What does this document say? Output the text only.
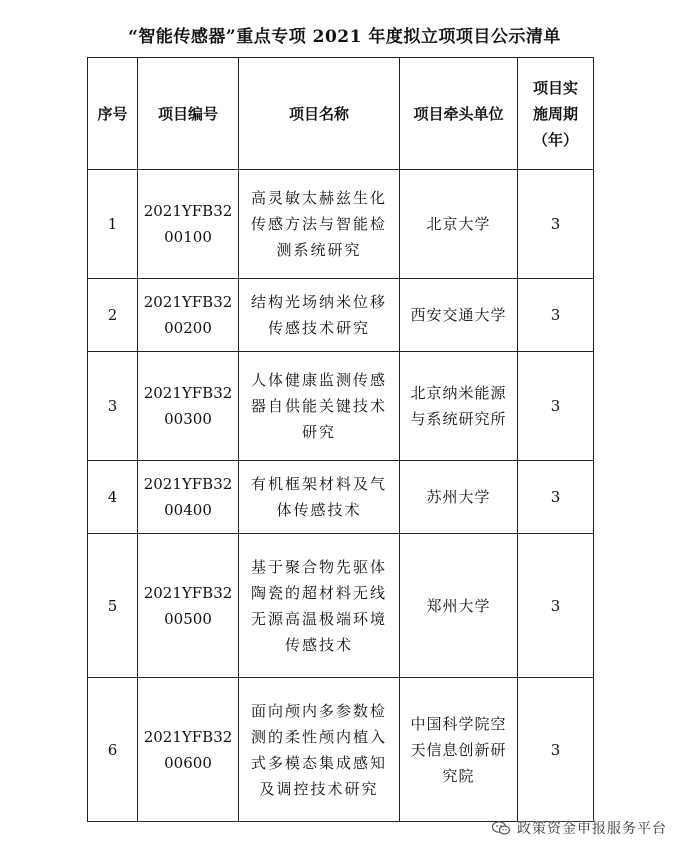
“智能传感器”重点专项 2021 年度拟立项项目公示清单
序号	项目编号	项目名称	项目牵头单位	项目实
施周期
（年）

1	2021YFB32
00100	高灵敏太赫兹生化
传感方法与智能检
测系统研究	北京大学	3
2	2021YFB32
00200	结构光场纳米位移
传感技术研究	西安交通大学	3
3	2021YFB32
00300	人体健康监测传感
器自供能关键技术
研究	北京纳米能源
与系统研究所	3
4	2021YFB32
00400	有机框架材料及气
体传感技术	苏州大学	3
5	2021YFB32
00500	基于聚合物先驱体
陶瓷的超材料无线
无源高温极端环境
传感技术	郑州大学	3
6	2021YFB32
00600	面向颅内多参数检
测的柔性颅内植入
式多模态集成感知
及调控技术研究	中国科学院空
天信息创新研
究院	3
政策资金申报服务平台
